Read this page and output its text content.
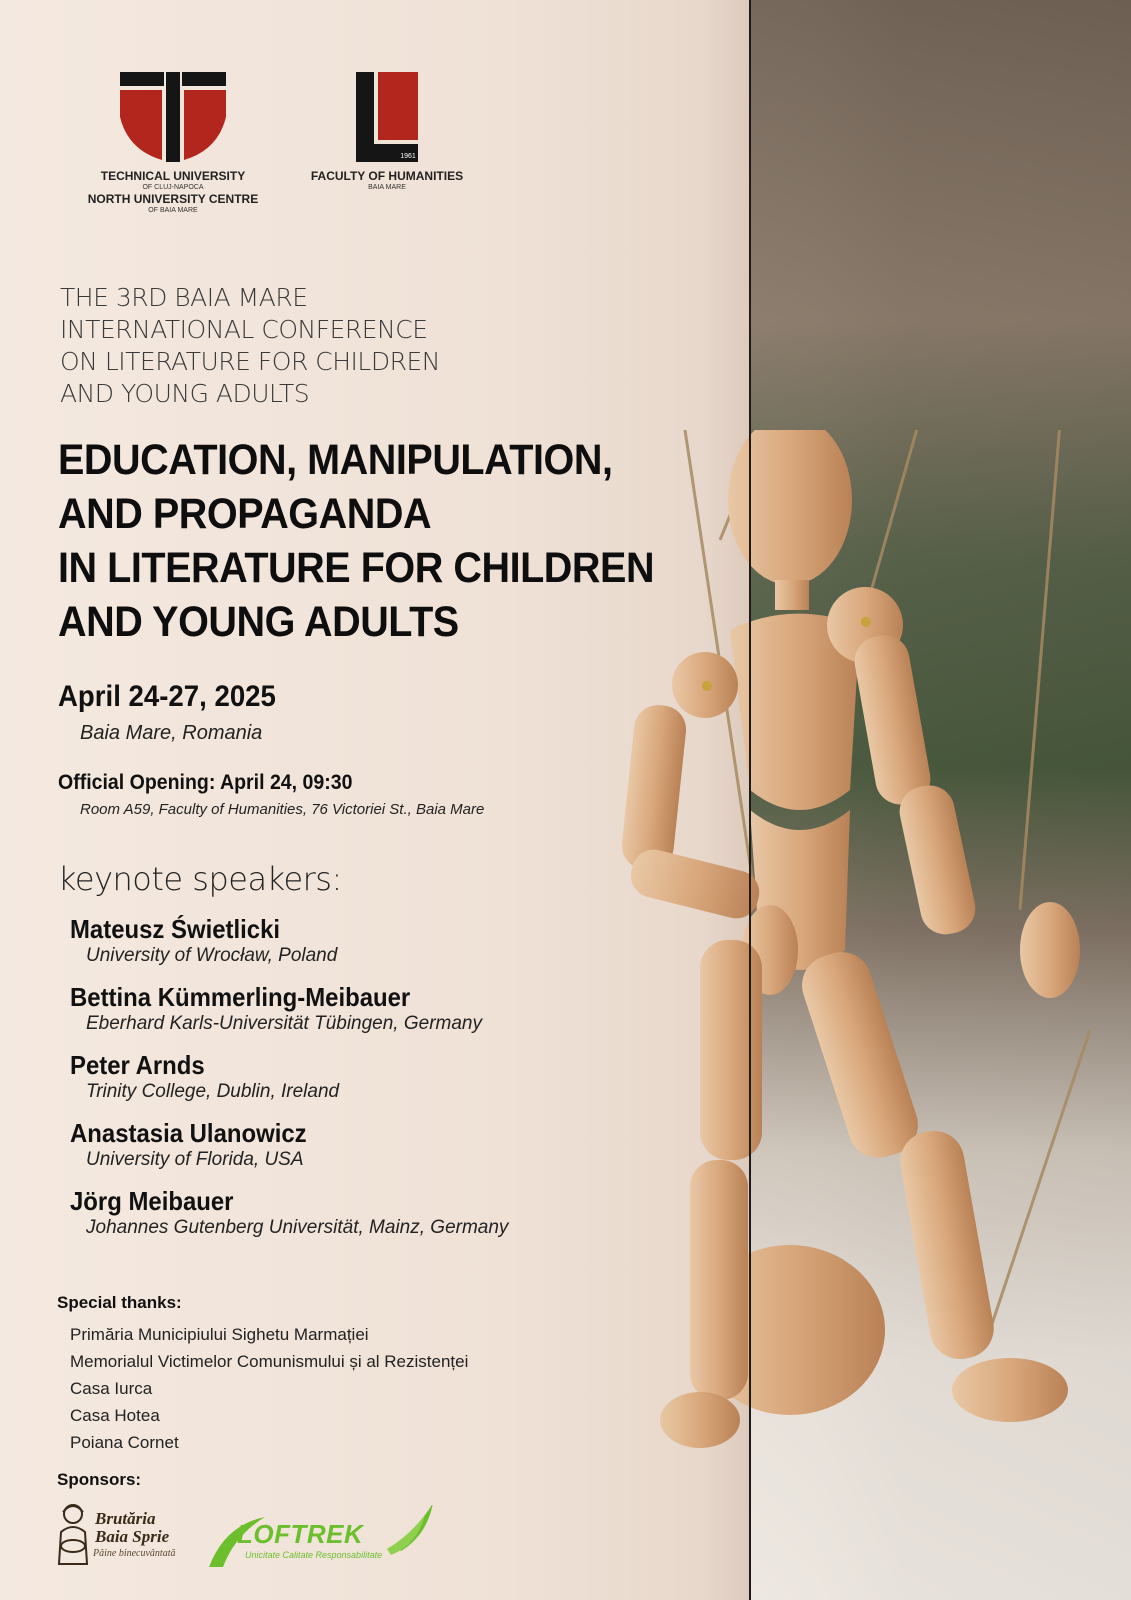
TECHNICAL UNIVERSITY
OF CLUJ-NAPOCA
NORTH UNIVERSITY CENTRE
OF BAIA MARE
1961
FACULTY OF HUMANITIES
BAIA MARE
THE 3RD BAIA MARE
INTERNATIONAL CONFERENCE
ON LITERATURE FOR CHILDREN
AND YOUNG ADULTS
EDUCATION, MANIPULATION,
AND PROPAGANDA
IN LITERATURE FOR CHILDREN
AND YOUNG ADULTS
April 24-27, 2025
Baia Mare, Romania
Official Opening: April 24, 09:30
Room A59, Faculty of Humanities, 76 Victoriei St., Baia Mare
keynote speakers:
Mateusz Świetlicki
University of Wrocław, Poland
Bettina Kümmerling-Meibauer
Eberhard Karls-Universität Tübingen, Germany
Peter Arnds
Trinity College, Dublin, Ireland
Anastasia Ulanowicz
University of Florida, USA
Jörg Meibauer
Johannes Gutenberg Universität, Mainz, Germany
Special thanks:
Primăria Municipiului Sighetu Marmației
Memorialul Victimelor Comunismului și al Rezistenței
Casa Iurca
Casa Hotea
Poiana Cornet
Sponsors:
Brutăria
Baia Sprie
Pâine binecuvântată
LOFTREK
Unicitate Calitate Responsabilitate
